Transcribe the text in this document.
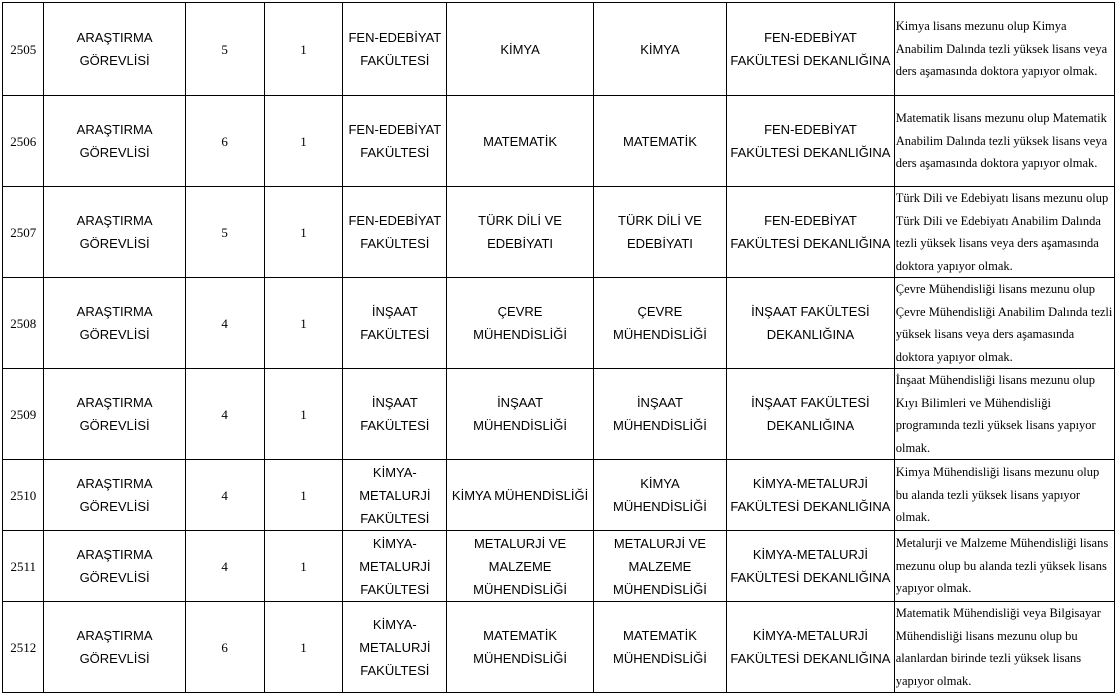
2505	ARAŞTIRMA GÖREVLİSİ	5	1	FEN-EDEBİYAT FAKÜLTESİ	KİMYA	KİMYA	FEN-EDEBİYAT FAKÜLTESİ DEKANLIĞINA	Kimya lisans mezunu olup Kimya Anabilim Dalında tezli yüksek lisans veya ders aşamasında doktora yapıyor olmak.
2506	ARAŞTIRMA GÖREVLİSİ	6	1	FEN-EDEBİYAT FAKÜLTESİ	MATEMATİK	MATEMATİK	FEN-EDEBİYAT FAKÜLTESİ DEKANLIĞINA	Matematik lisans mezunu olup Matematik Anabilim Dalında tezli yüksek lisans veya ders aşamasında doktora yapıyor olmak.
2507	ARAŞTIRMA GÖREVLİSİ	5	1	FEN-EDEBİYAT FAKÜLTESİ	TÜRK DİLİ VE EDEBİYATI	TÜRK DİLİ VE EDEBİYATI	FEN-EDEBİYAT FAKÜLTESİ DEKANLIĞINA	Türk Dili ve Edebiyatı lisans mezunu olup Türk Dili ve Edebiyatı Anabilim Dalında tezli yüksek lisans veya ders aşamasında doktora yapıyor olmak.
2508	ARAŞTIRMA GÖREVLİSİ	4	1	İNŞAAT FAKÜLTESİ	ÇEVRE MÜHENDİSLİĞİ	ÇEVRE MÜHENDİSLİĞİ	İNŞAAT FAKÜLTESİ DEKANLIĞINA	Çevre Mühendisliği lisans mezunu olup Çevre Mühendisliği Anabilim Dalında tezli yüksek lisans veya ders aşamasında doktora yapıyor olmak.
2509	ARAŞTIRMA GÖREVLİSİ	4	1	İNŞAAT FAKÜLTESİ	İNŞAAT MÜHENDİSLİĞİ	İNŞAAT MÜHENDİSLİĞİ	İNŞAAT FAKÜLTESİ DEKANLIĞINA	İnşaat Mühendisliği lisans mezunu olup Kıyı Bilimleri ve Mühendisliği programında tezli yüksek lisans yapıyor olmak.
2510	ARAŞTIRMA GÖREVLİSİ	4	1	KİMYA-METALURJİ FAKÜLTESİ	KİMYA MÜHENDİSLİĞİ	KİMYA MÜHENDİSLİĞİ	KİMYA-METALURJİ FAKÜLTESİ DEKANLIĞINA	Kimya Mühendisliği lisans mezunu olup bu alanda tezli yüksek lisans yapıyor olmak.
2511	ARAŞTIRMA GÖREVLİSİ	4	1	KİMYA-METALURJİ FAKÜLTESİ	METALURJİ VE MALZEME MÜHENDİSLİĞİ	METALURJİ VE MALZEME MÜHENDİSLİĞİ	KİMYA-METALURJİ FAKÜLTESİ DEKANLIĞINA	Metalurji ve Malzeme Mühendisliği lisans mezunu olup bu alanda tezli yüksek lisans yapıyor olmak.
2512	ARAŞTIRMA GÖREVLİSİ	6	1	KİMYA-METALURJİ FAKÜLTESİ	MATEMATİK MÜHENDİSLİĞİ	MATEMATİK MÜHENDİSLİĞİ	KİMYA-METALURJİ FAKÜLTESİ DEKANLIĞINA	Matematik Mühendisliği veya Bilgisayar Mühendisliği lisans mezunu olup bu alanlardan birinde tezli yüksek lisans yapıyor olmak.
